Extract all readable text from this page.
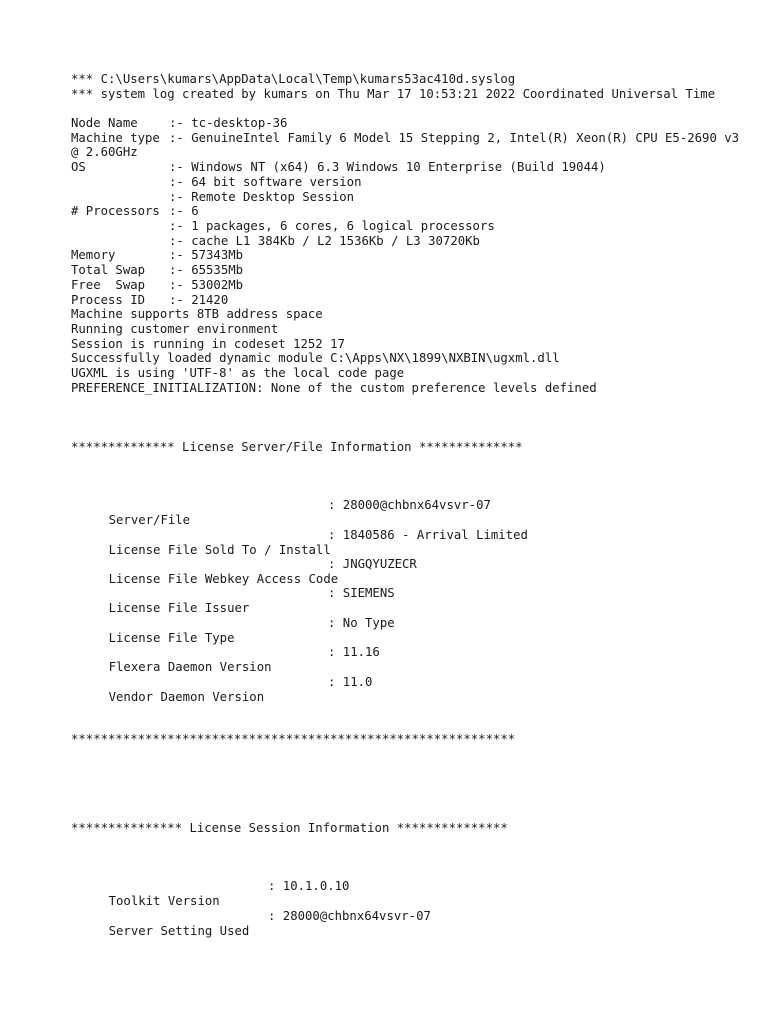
*** C:\Users\kumars\AppData\Local\Temp\kumars53ac410d.syslog
*** system log created by kumars on Thu Mar 17 10:53:21 2022 Coordinated Universal Time
Node Name	:- tc-desktop-36
Machine type :- GenuineIntel Family 6 Model 15 Stepping 2, Intel(R) Xeon(R) CPU E5-2690 v3 @ 2.60GHz
OS	:- Windows NT (x64) 6.3 Windows 10 Enterprise (Build 19044)
:- 64 bit software version
:- Remote Desktop Session
# Processors :- 6
:- 1 packages, 6 cores, 6 logical processors
:- cache L1 384Kb / L2 1536Kb / L3 30720Kb
Memory	:- 57343Mb
Total Swap :- 65535Mb
Free  Swap :- 53002Mb
Process ID :- 21420
Machine supports 8TB address space
Running customer environment
Session is running in codeset 1252 17
Successfully loaded dynamic module C:\Apps\NX\1899\NXBIN\ugxml.dll
UGXML is using 'UTF-8' as the local code page
PREFERENCE_INITIALIZATION: None of the custom preference levels defined
************** License Server/File Information **************

Server/File

: 28000@chbnx64vsvr-07

License File Sold To / Install

: 1840586 - Arrival Limited

License File Webkey Access Code

: JNGQYUZECR

License File Issuer

: SIEMENS

License File Type

: No Type

Flexera Daemon Version

: 11.16

Vendor Daemon Version

: 11.0

************************************************************
*************** License Session Information ***************

Toolkit Version

: 10.1.0.10

Server Setting Used

: 28000@chbnx64vsvr-07
